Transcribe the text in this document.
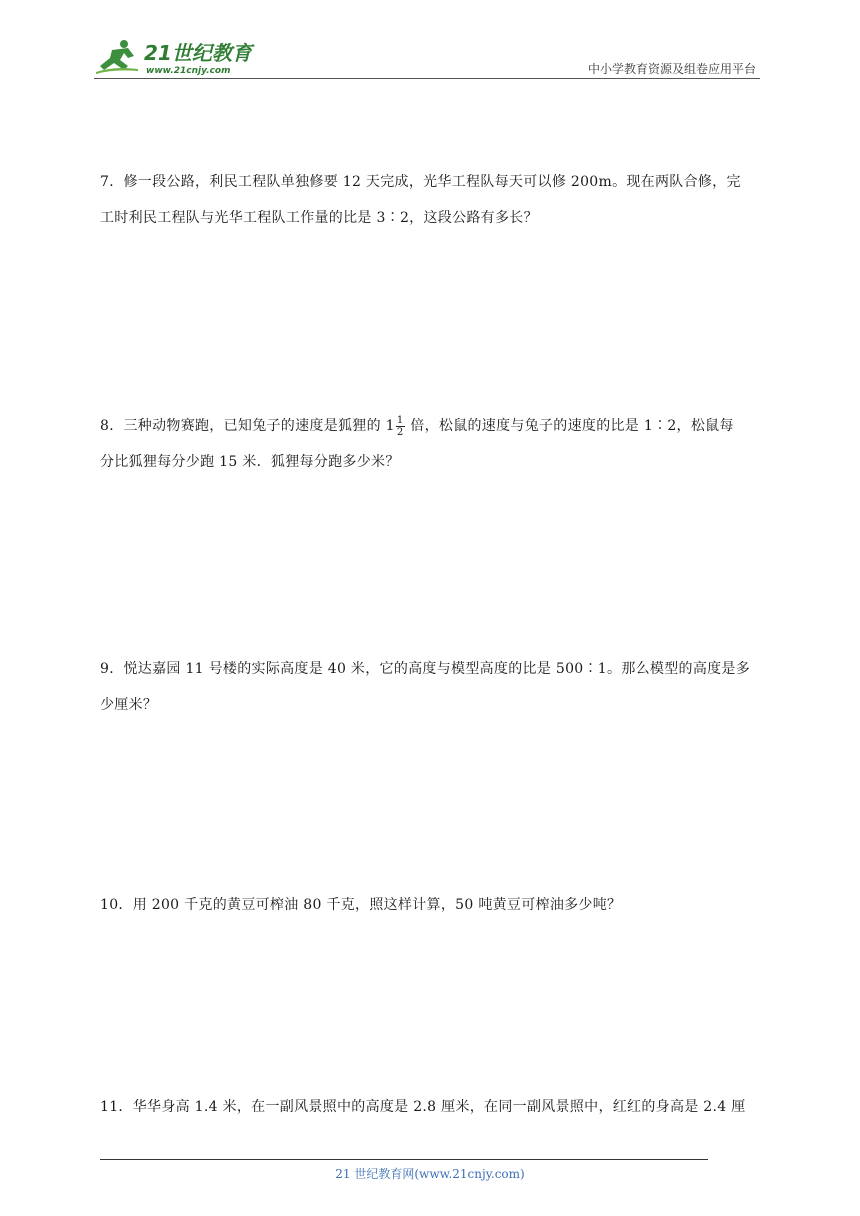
21世纪教育
www.21cnjy.com	中小学教育资源及组卷应用平台

7．修一段公路，利民工程队单独修要 12 天完成，光华工程队每天可以修 200m。现在两队合修，完

工时利民工程队与光华工程队工作量的比是 3∶2，这段公路有多长？

8．三种动物赛跑，已知兔子的速度是狐狸的 $1 \frac{1}{2}$ 倍，松鼠的速度与兔子的速度的比是 1∶2，松鼠每

分比狐狸每分少跑 15 米．狐狸每分跑多少米？

9．悦达嘉园 11 号楼的实际高度是 40 米，它的高度与模型高度的比是 500∶1。那么模型的高度是多

少厘米？

10．用 200 千克的黄豆可榨油 80 千克，照这样计算，50 吨黄豆可榨油多少吨？

11．华华身高 1.4 米，在一副风景照中的高度是 2.8 厘米，在同一副风景照中，红红的身高是 2.4 厘

21 世纪教育网(www.21cnjy.com)
